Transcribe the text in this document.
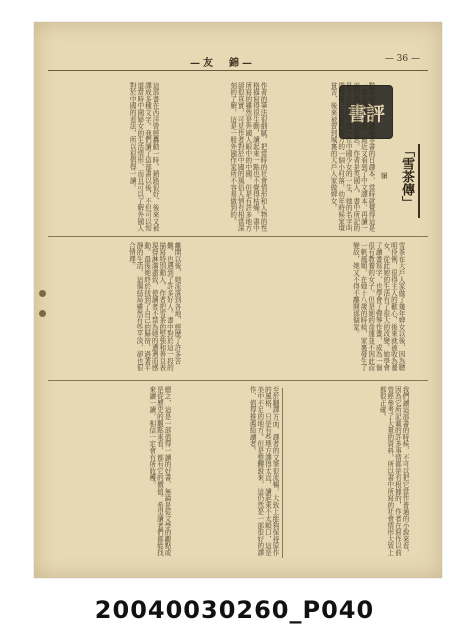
—友　錦—	— 36 —
書評
「雪茶傳」
嶺
數年前我曾經讀過本書的日譯本，當時就覺得這是一部有趣的小說，最近又看到了中文譯本，再讀一遍仍然感到很有意思。作者是英國人，書中所記的是十九世紀中葉一位中國少女的一生，她的名字叫做雪茶，出身於南方的一個小村落，幼年時候家境貧苦，後來被賣到城裏的大戶人家做婢女。
作者的筆法很細膩，把當時的社會情形和人物的性格描寫得很生動，讀起來一點也不覺得枯燥。書中所寫的雖然是外國人眼中的中國，但是有許多地方卻很真實，可見作者對於中國的風俗人情有相當深刻的了解，這是一般外國作家所不容易做到的。
這部書在西洋曾經轟動一時，銷路很好，後來又被譯成多種文字。我們讀了這部書以後，不但可以知道當時中國婦女的生活情形，而且可以了解外國人對於中國的看法，所以很值得一讀。
雪茶在大戶人家做了幾年婢女以後，因為聰明伶俐，很得主人的歡心，後來就被收為養女，從此她的生活有了很大的改變。她學會了讀書寫字，也學會了彈琴作畫，成為一個很有教養的女子。但是她的命運並不因此而一帆風順，在她十八歲的時候，家裏發生了變故，她又不得不離開那個家。
離開以後，她流落到各地，經歷了許多苦難，也遇到了許多好人。書中對於這一段的描寫特別動人，作者把雪茶的堅強和善良表現得淋漓盡致，使讀者不禁為她的遭遇而感動。最後她終於找到了自己的歸宿，過著平靜的生活，這個結局雖然有些平淡，卻也很合情理。
我們讀這部書的時候，不可以把它當作普通的小說來看，因為它所記載的許多事情都是有根據的，作者在寫作以前曾經參考了大量的資料，所以書中所寫的社會情形大致上都很正確。
至於翻譯方面，譯者的文筆很流暢，大致上能夠保持原作的風格，只是有些地方譯得太直，讀起來不太順口，這是美中不足的地方。但是整體說來，這仍然是一部很好的譯作，值得推薦給讀者。
總之，這是一部值得一讀的好書，無論是從文學的觀點或是從歷史的觀點來看，都有它的價值。希望讀者們都能找來讀一讀，相信一定會有所收穫。
20040030260_P040
